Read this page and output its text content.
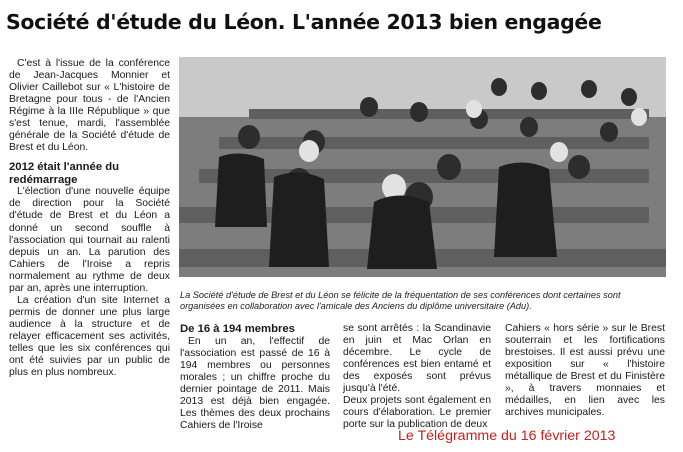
Société d'étude du Léon. L'année 2013 bien engagée

C'est à l'issue de la conférence de Jean-Jacques Monnier et Olivier Caillebot sur « L'histoire de Bretagne pour tous - de l'Ancien Régime à la IIIe République » que s'est tenue, mardi, l'assemblée générale de la Société d'étude de Brest et du Léon.

2012 était l'année du redémarrage

L'élection d'une nouvelle équipe de direction pour la Société d'étude de Brest et du Léon a donné un second souffle à l'association qui tournait au ralenti depuis un an. La parution des Cahiers de l'Iroise a repris normalement au rythme de deux par an, après une interruption.

La création d'un site Internet a permis de donner une plus large audience à la structure et de relayer efficacement ses activités, telles que les six conférences qui ont été suivies par un public de plus en plus nombreux.

La Société d'étude de Brest et du Léon se félicite de la fréquentation de ses conférences dont certaines sont organisées en collaboration avec l'amicale des Anciens du diplôme universitaire (Adu).

De 16 à 194 membres

En un an, l'effectif de l'association est passé de 16 à 194 membres ou personnes morales ; un chiffre proche du dernier pointage de 2011. Mais 2013 est déjà bien engagée. Les thèmes des deux prochains Cahiers de l'Iroise

se sont arrêtés : la Scandinavie en juin et Mac Orlan en décembre. Le cycle de conférences est bien entamé et des exposés sont prévus jusqu'à l'été.

Deux projets sont également en cours d'élaboration. Le premier porte sur la publication de deux

Cahiers « hors série » sur le Brest souterrain et les fortifications brestoises. Il est aussi prévu une exposition sur « l'histoire métallique de Brest et du Finistère », à travers monnaies et médailles, en lien avec les archives municipales.

Le Télégramme du 16 février 2013
